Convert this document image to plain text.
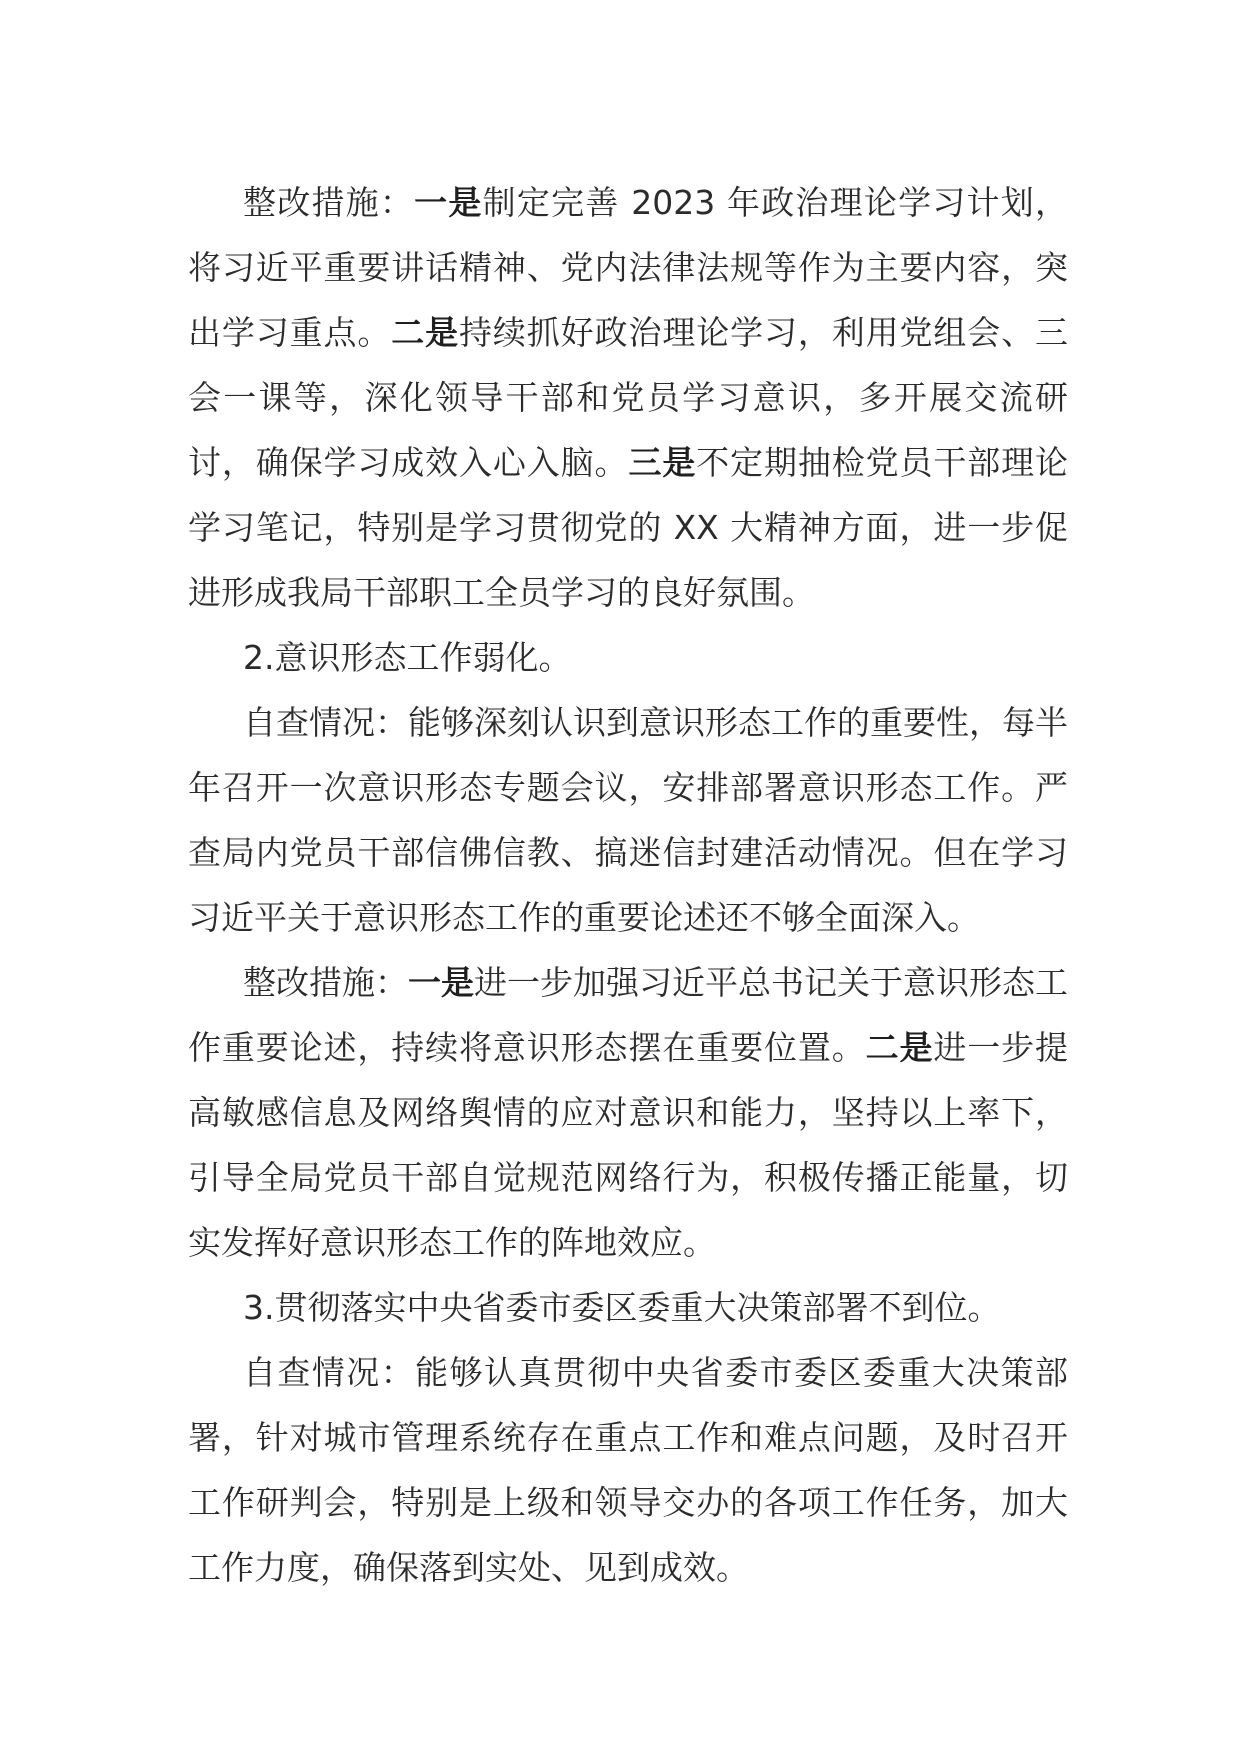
整改措施：一是制定完善 2023 年政治理论学习计划，将习近平重要讲话精神、党内法律法规等作为主要内容，突出学习重点。二是持续抓好政治理论学习，利用党组会、三会一课等，深化领导干部和党员学习意识，多开展交流研讨，确保学习成效入心入脑。三是不定期抽检党员干部理论学习笔记，特别是学习贯彻党的 XX 大精神方面，进一步促进形成我局干部职工全员学习的良好氛围。

2.意识形态工作弱化。

自查情况：能够深刻认识到意识形态工作的重要性，每半年召开一次意识形态专题会议，安排部署意识形态工作。严查局内党员干部信佛信教、搞迷信封建活动情况。但在学习习近平关于意识形态工作的重要论述还不够全面深入。

整改措施：一是进一步加强习近平总书记关于意识形态工作重要论述，持续将意识形态摆在重要位置。二是进一步提高敏感信息及网络舆情的应对意识和能力，坚持以上率下，引导全局党员干部自觉规范网络行为，积极传播正能量，切实发挥好意识形态工作的阵地效应。

3.贯彻落实中央省委市委区委重大决策部署不到位。

自查情况：能够认真贯彻中央省委市委区委重大决策部署，针对城市管理系统存在重点工作和难点问题，及时召开工作研判会，特别是上级和领导交办的各项工作任务，加大工作力度，确保落到实处、见到成效。
